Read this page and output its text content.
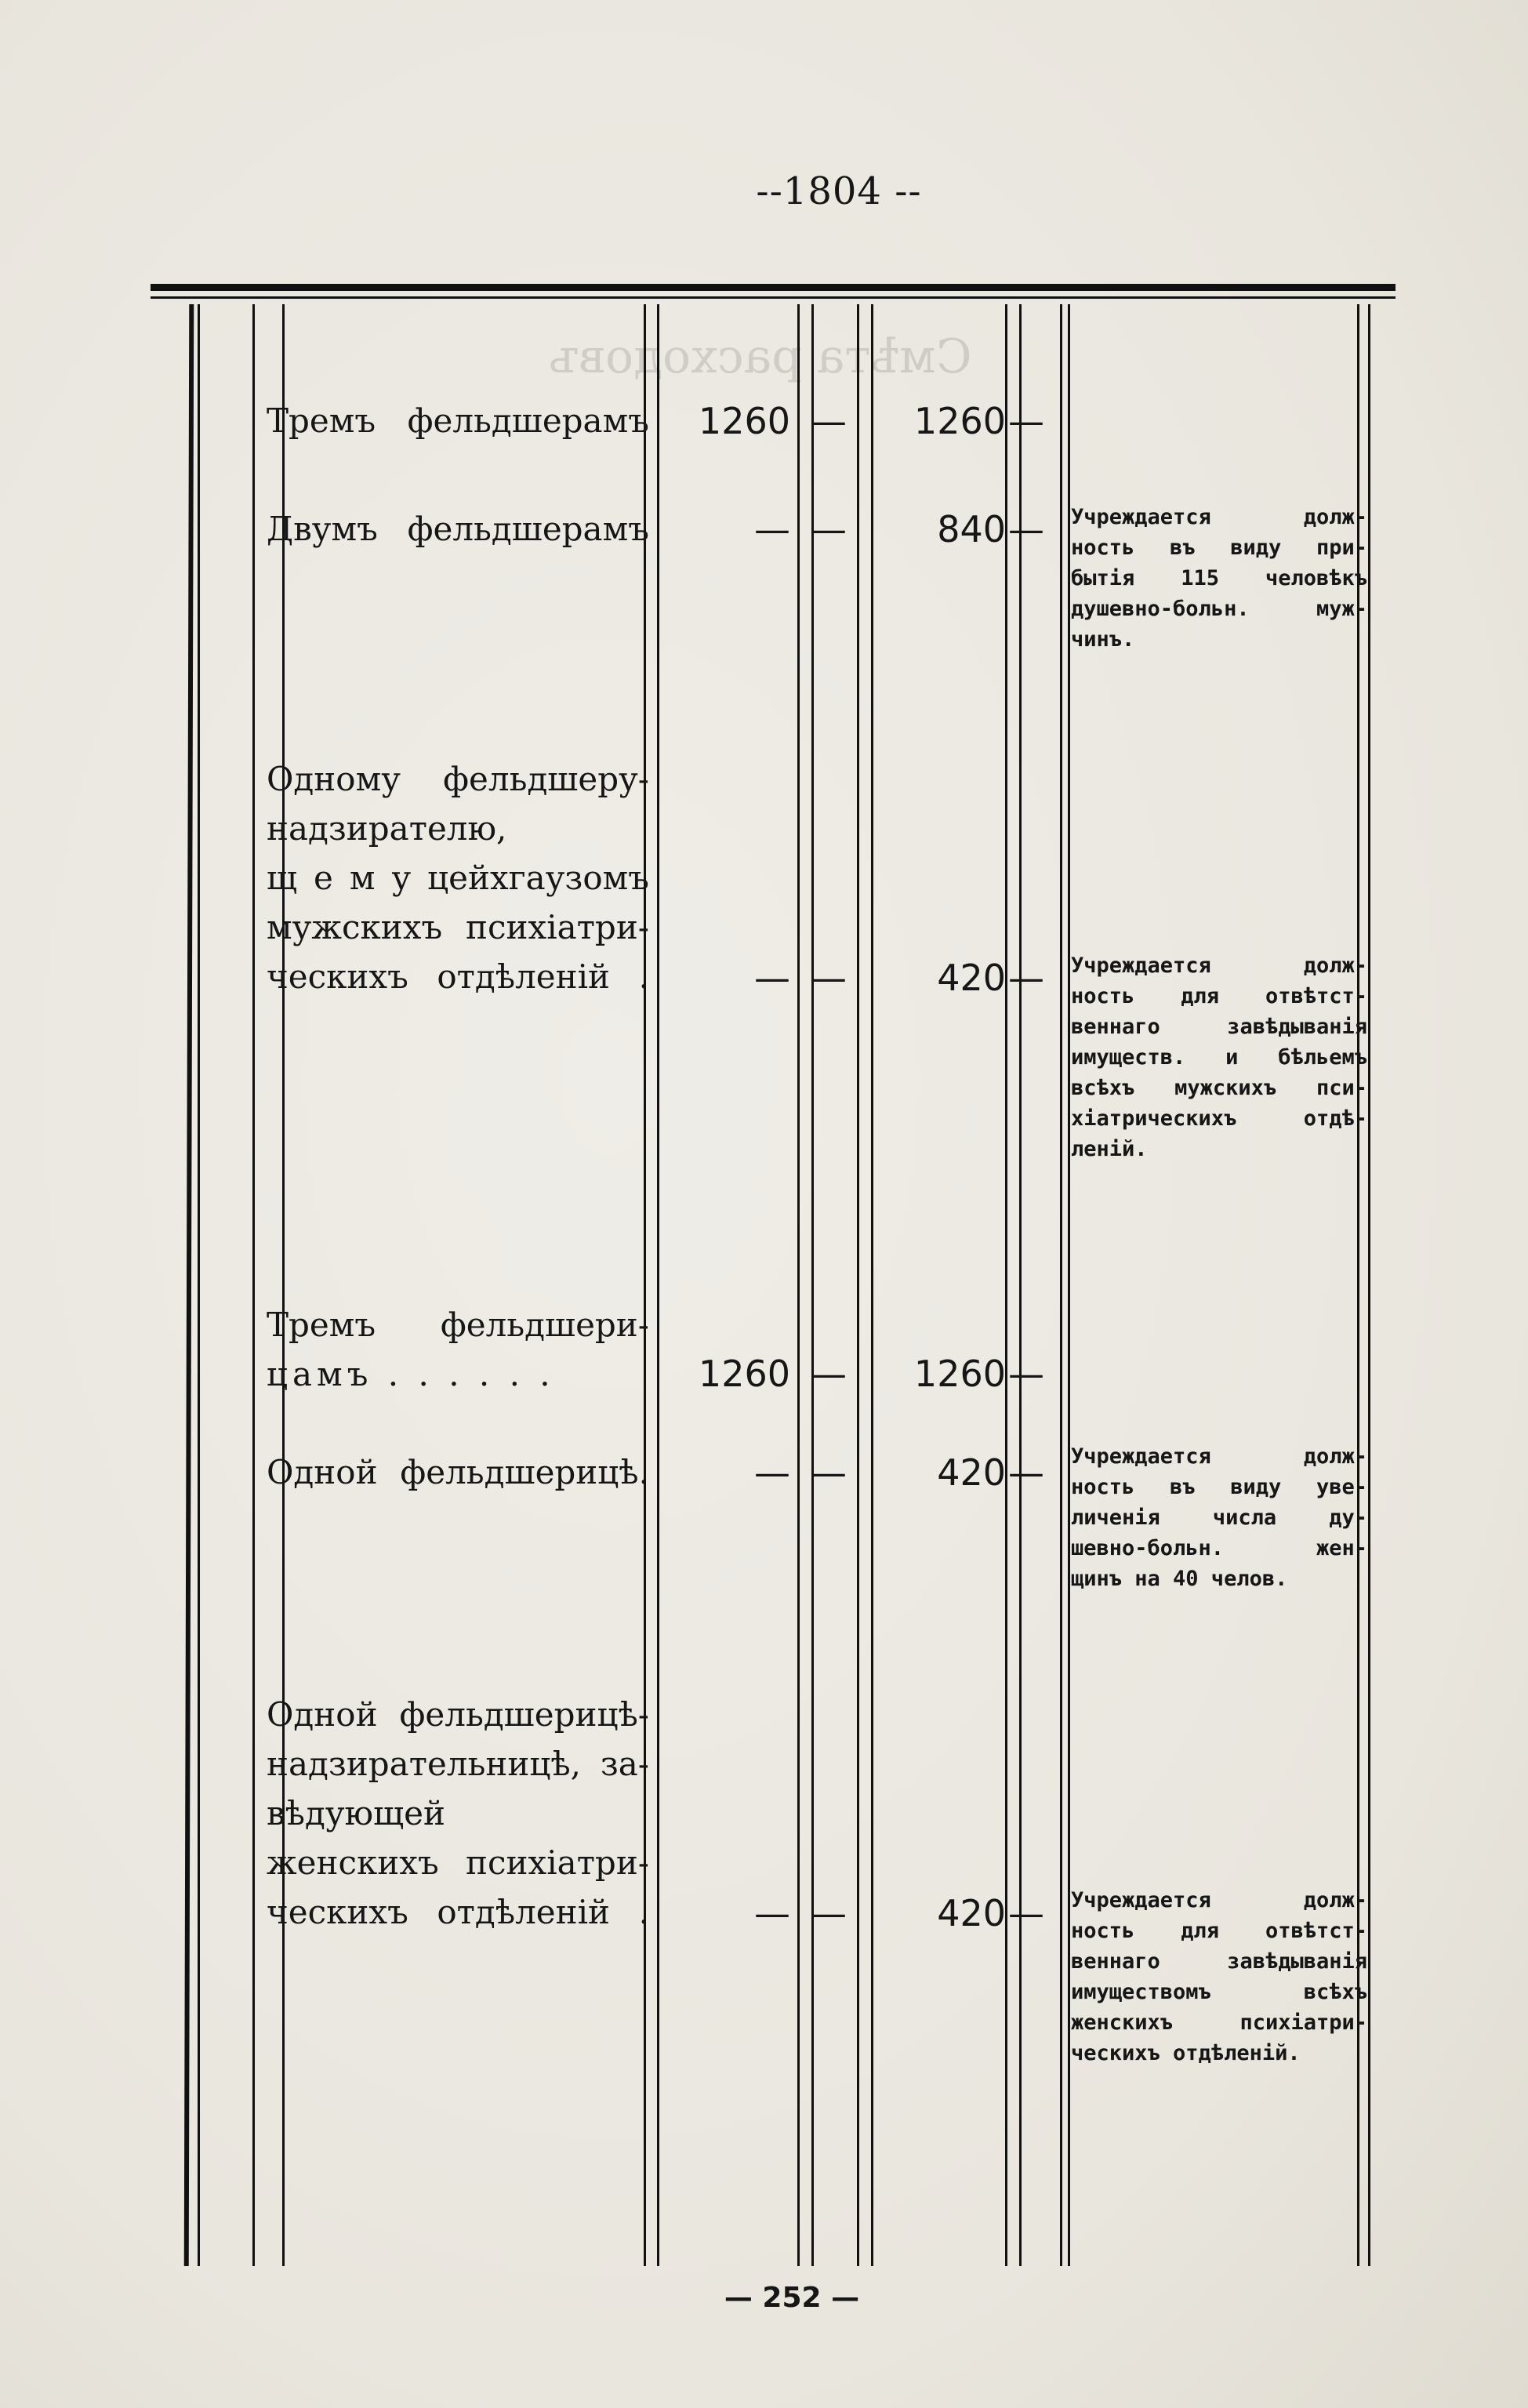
Смѣта расходовъ
--1804 --
Тремъ фельдшерамъ	1260 —	1260 —
Двумъ фельдшерамъ	— —	840 —	Учреждается долж-
ность въ виду при-
бытія 115 человѣкъ
душевно-больн. муж-
чинъ.
Одному фельдшеру-
надзирателю,
щ е м у цейхгаузомъ
мужскихъ психіатри-
ческихъ отдѣленій .	— —	420 —	Учреждается долж-
ность для отвѣтст-
веннаго завѣдыванія
имуществ. и бѣльемъ
всѣхъ мужскихъ пси-
хіатрическихъ отдѣ-
леній.
Тремъ фельдшери-
цамъ . . . . . .	1260 —	1260 —
Одной фельдшерицѣ.	— —	420 —	Учреждается долж-
ность въ виду уве-
личенія числа ду-
шевно-больн. жен-
щинъ на 40 челов.
Одной фельдшерицѣ-
надзирательницѣ, за-
вѣдующей
женскихъ психіатри-
ческихъ отдѣленій .	— —	420 —	Учреждается долж-
ность для отвѣтст-
веннаго завѣдыванія
имуществомъ всѣхъ
женскихъ психіатри-
ческихъ отдѣленій.
— 252 —
